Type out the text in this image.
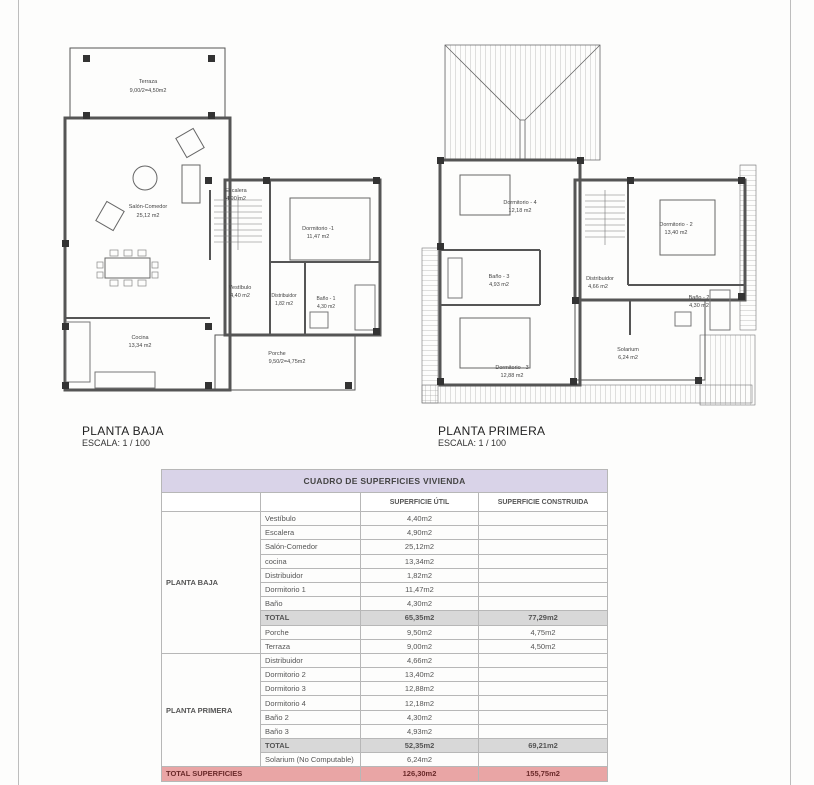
Terraza
9,00/2=4,50m2
Salón-Comedor
25,12 m2
Escalera
4,90 m2
Dormitorio -1
11,47 m2
Vestíbulo
4,40 m2	Distribuidor
1,82 m2
Baño - 1
4,30 m2
Cocina
13,34 m2
Porche
9,50/2=4,75m2
PLANTA BAJA
ESCALA: 1 / 100
Dormitorio - 4
12,18 m2
Dormitorio - 2
13,40 m2
Baño - 3
4,93 m2
Distribuidor
4,66 m2
Baño - 2
4,30 m2
Solarium
6,24 m2
Dormitorio - 3
12,88 m2
PLANTA PRIMERA
ESCALA: 1 / 100
CUADRO DE SUPERFICIES VIVIENDA			
		SUPERFICIE ÚTIL	SUPERFICIE CONSTRUIDA
PLANTA BAJA	Vestíbulo	4,40m2	
	Escalera	4,90m2	
	Salón-Comedor	25,12m2	
	cocina	13,34m2	
	Distribuidor	1,82m2	
	Dormitorio 1	11,47m2	
	Baño	4,30m2	
	TOTAL	65,35m2	77,29m2
	Porche	9,50m2	4,75m2
	Terraza	9,00m2	4,50m2
PLANTA PRIMERA	Distribuidor	4,66m2	
	Dormitorio 2	13,40m2	
	Dormitorio 3	12,88m2	
	Dormitorio 4	12,18m2	
	Baño 2	4,30m2	
	Baño 3	4,93m2	
	TOTAL	52,35m2	69,21m2
	Solarium (No Computable)	6,24m2	
TOTAL SUPERFICIES		126,30m2	155,75m2
